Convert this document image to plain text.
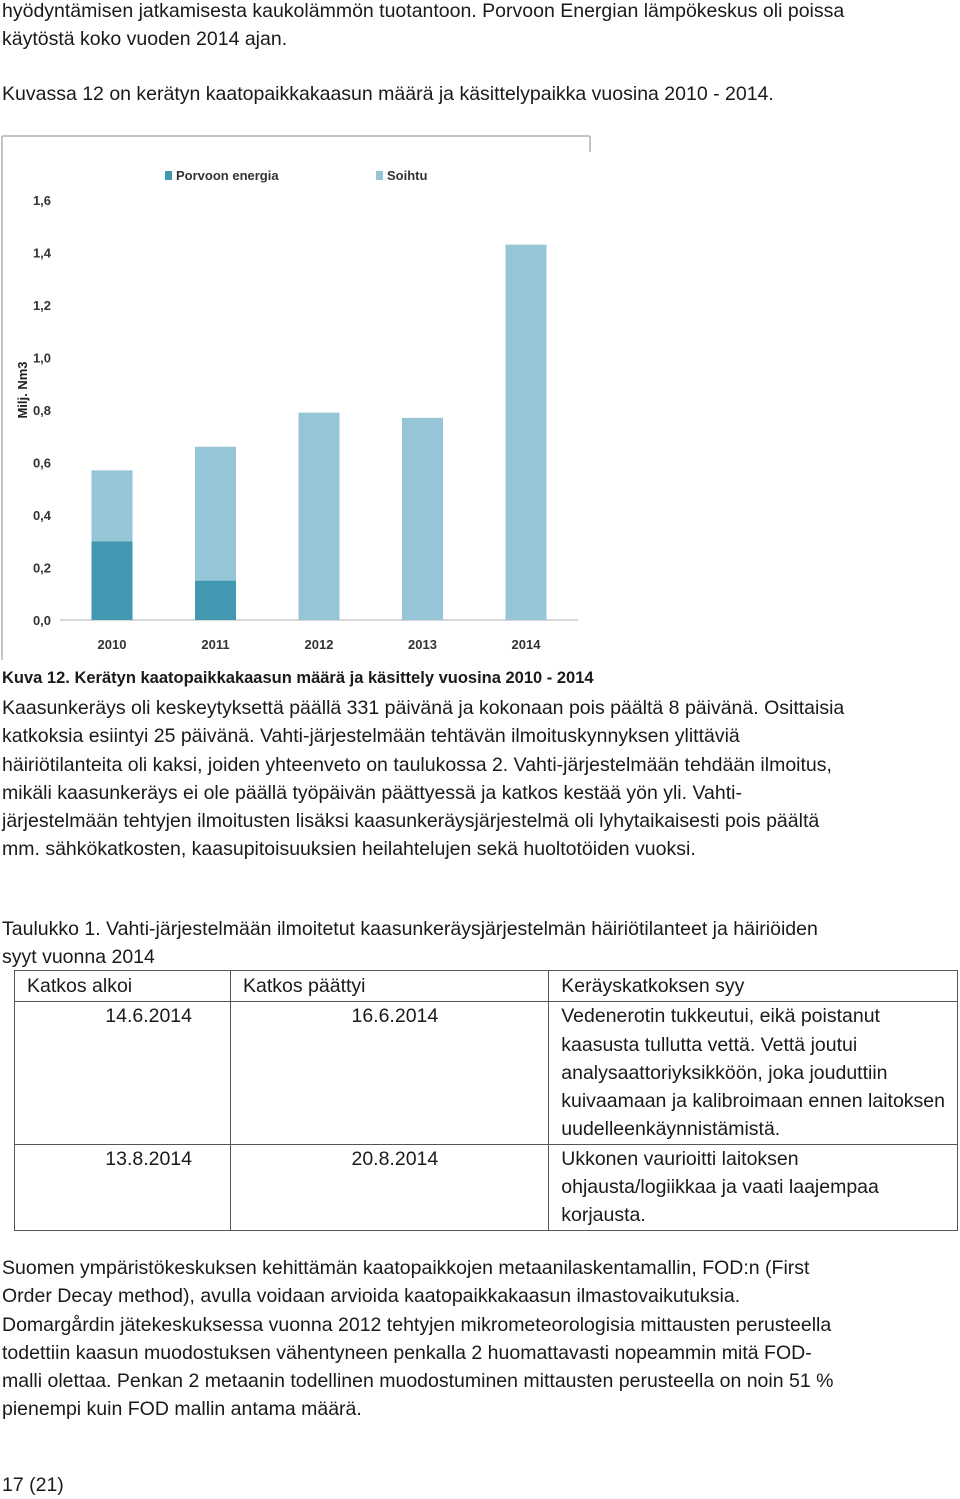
hyödyntämisen jatkamisesta kaukolämmön tuotantoon. Porvoon Energian lämpökeskus oli poissa
käytöstä koko vuoden 2014 ajan.
Kuvassa 12 on kerätyn kaatopaikkakaasun määrä ja käsittelypaikka vuosina 2010 - 2014.
Porvoon energia	Soihtu
Milj. Nm3
0,0
0,2
0,4
0,6
0,8
1,0
1,2
1,4
1,6
2010	2011	2012	2013	2014
Kuva 12. Kerätyn kaatopaikkakaasun määrä ja käsittely vuosina 2010 - 2014
Kaasunkeräys oli keskeytyksettä päällä 331 päivänä ja kokonaan pois päältä 8 päivänä. Osittaisia
katkoksia esiintyi 25 päivänä. Vahti-järjestelmään tehtävän ilmoituskynnyksen ylittäviä
häiriötilanteita oli kaksi, joiden yhteenveto on taulukossa 2. Vahti-järjestelmään tehdään ilmoitus,
mikäli kaasunkeräys ei ole päällä työpäivän päättyessä ja katkos kestää yön yli. Vahti-
järjestelmään tehtyjen ilmoitusten lisäksi kaasunkeräysjärjestelmä oli lyhytaikaisesti pois päältä
mm. sähkökatkosten, kaasupitoisuuksien heilahtelujen sekä huoltotöiden vuoksi.
Taulukko 1. Vahti-järjestelmään ilmoitetut kaasunkeräysjärjestelmän häiriötilanteet ja häiriöiden
syyt vuonna 2014
Katkos alkoi	Katkos päättyi	Keräyskatkoksen syy
14.6.2014	16.6.2014	Vedenerotin tukkeutui, eikä poistanut
kaasusta tullutta vettä. Vettä joutui
analysaattoriyksikköön, joka jouduttiin
kuivaamaan ja kalibroimaan ennen laitoksen
uudelleenkäynnistämistä.

13.8.2014	20.8.2014	Ukkonen vaurioitti laitoksen
ohjausta/logiikkaa ja vaati laajempaa
korjausta.
Suomen ympäristökeskuksen kehittämän kaatopaikkojen metaanilaskentamallin, FOD:n (First
Order Decay method), avulla voidaan arvioida kaatopaikkakaasun ilmastovaikutuksia.
Domargårdin jätekeskuksessa vuonna 2012 tehtyjen mikrometeorologisia mittausten perusteella
todettiin kaasun muodostuksen vähentyneen penkalla 2 huomattavasti nopeammin mitä FOD-
malli olettaa. Penkan 2 metaanin todellinen muodostuminen mittausten perusteella on noin 51 %
pienempi kuin FOD mallin antama määrä.
17 (21)
